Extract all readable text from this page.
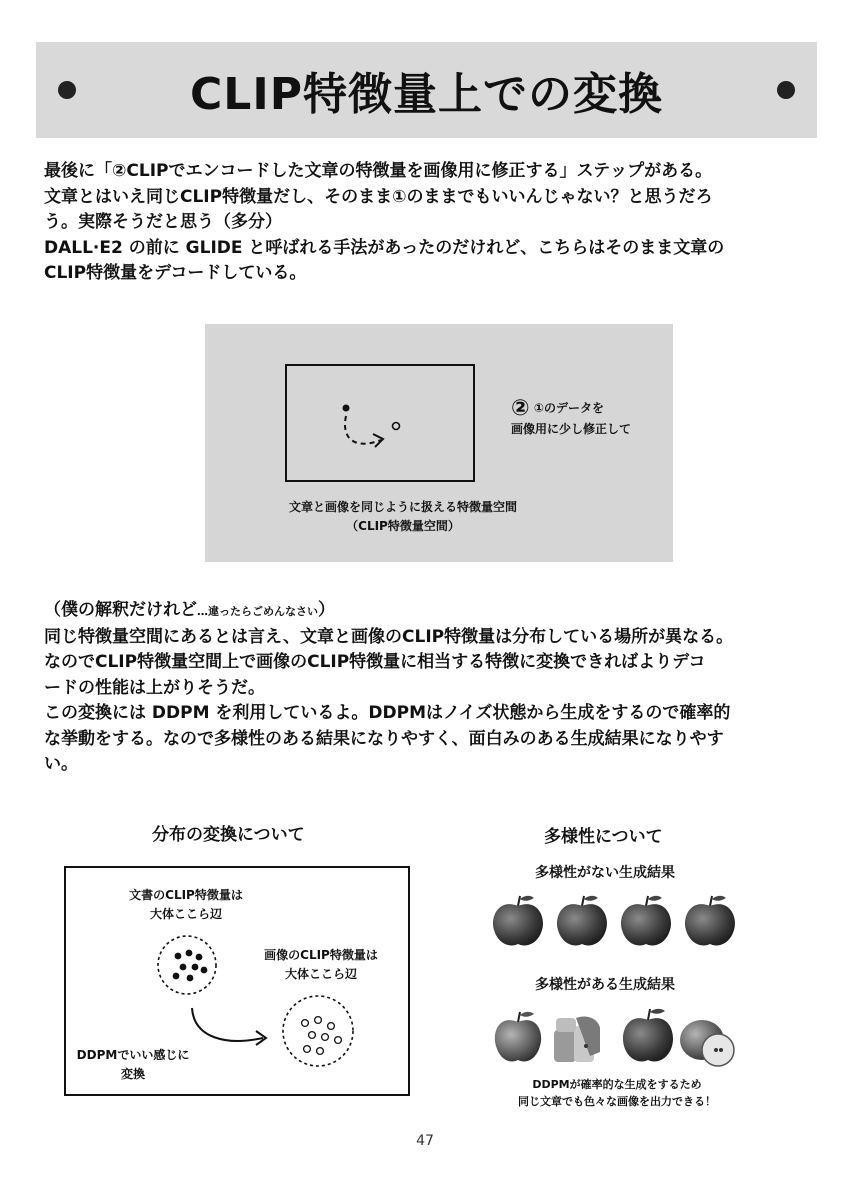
CLIP特徴量上での変換

最後に「②CLIPでエンコードした文章の特徴量を画像用に修正する」ステップがある。

文章とはいえ同じCLIP特徴量だし、そのまま①のままでもいいんじゃない？と思うだろ

う。実際そうだと思う（多分）

DALL·E2 の前に GLIDE と呼ばれる手法があったのだけれど、こちらはそのまま文章の

CLIP特徴量をデコードしている。

② ①のデータを
画像用に少し修正して
文章と画像を同じように扱える特徴量空間
（CLIP特徴量空間）

（僕の解釈だけれど…違ったらごめんなさい）

同じ特徴量空間にあるとは言え、文章と画像のCLIP特徴量は分布している場所が異なる。

なのでCLIP特徴量空間上で画像のCLIP特徴量に相当する特徴に変換できればよりデコ

ードの性能は上がりそうだ。

この変換には DDPM を利用しているよ。DDPMはノイズ状態から生成をするので確率的

な挙動をする。なので多様性のある結果になりやすく、面白みのある生成結果になりやす

い。

分布の変換について	多様性について
文書のCLIP特徴量は
大体ここら辺
画像のCLIP特徴量は
大体ここら辺
DDPMでいい感じに
変換
多様性がない生成結果
多様性がある生成結果
DDPMが確率的な生成をするため
同じ文章でも色々な画像を出力できる！
47
